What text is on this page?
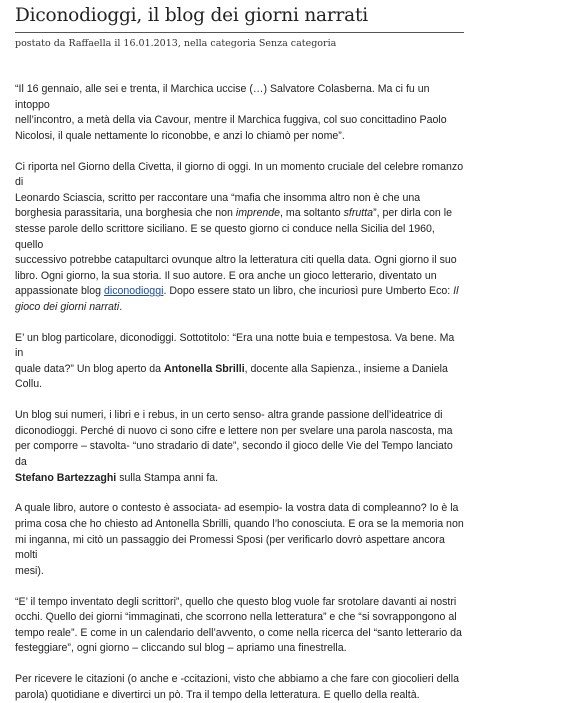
Diconodioggi, il blog dei giorni narrati
postato da Raffaella il 16.01.2013, nella categoria Senza categoria

“Il 16 gennaio, alle sei e trenta, il Marchica uccise (…) Salvatore Colasberna. Ma ci fu un intoppo
nell’incontro, a metà della via Cavour, mentre il Marchica fuggiva, col suo concittadino Paolo
Nicolosi, il quale nettamente lo riconobbe, e anzi lo chiamò per nome”.

Ci riporta nel Giorno della Civetta, il giorno di oggi. In un momento cruciale del celebre romanzo di
Leonardo Sciascia, scritto per raccontare una “mafia che insomma altro non è che una
borghesia parassitaria, una borghesia che non imprende, ma soltanto sfrutta”, per dirla con le
stesse parole dello scrittore siciliano. E se questo giorno ci conduce nella Sicilia del 1960, quello
successivo potrebbe catapultarci ovunque altro la letteratura citi quella data. Ogni giorno il suo
libro. Ogni giorno, la sua storia. Il suo autore. E ora anche un gioco letterario, diventato un
appassionate blog diconodioggi. Dopo essere stato un libro, che incuriosì pure Umberto Eco: Il
gioco dei giorni narrati.

E’ un blog particolare, diconodiggi. Sottotitolo: “Era una notte buia e tempestosa. Va bene. Ma in
quale data?” Un blog aperto da Antonella Sbrilli, docente alla Sapienza., insieme a Daniela
Collu.

Un blog sui numeri, i libri e i rebus, in un certo senso- altra grande passione dell’ideatrice di
diconodioggi. Perché di nuovo ci sono cifre e lettere non per svelare una parola nascosta, ma
per comporre – stavolta- “uno stradario di date”, secondo il gioco delle Vie del Tempo lanciato da
Stefano Bartezzaghi sulla Stampa anni fa.

A quale libro, autore o contesto è associata- ad esempio- la vostra data di compleanno? Io è la
prima cosa che ho chiesto ad Antonella Sbrilli, quando l’ho conosciuta. E ora se la memoria non
mi inganna, mi citò un passaggio dei Promessi Sposi (per verificarlo dovrò aspettare ancora molti
mesi).

“E’ il tempo inventato degli scrittori”, quello che questo blog vuole far srotolare davanti ai nostri
occhi. Quello dei giorni “immaginati, che scorrono nella letteratura” e che “si sovrappongono al
tempo reale”. E come in un calendario dell’avvento, o come nella ricerca del “santo letterario da
festeggiare”, ogni giorno – cliccando sul blog – apriamo una finestrella.

Per ricevere le citazioni (o anche e -ccitazioni, visto che abbiamo a che fare con giocolieri della
parola) quotidiane e divertirci un pò. Tra il tempo della letteratura. E quello della realtà.
